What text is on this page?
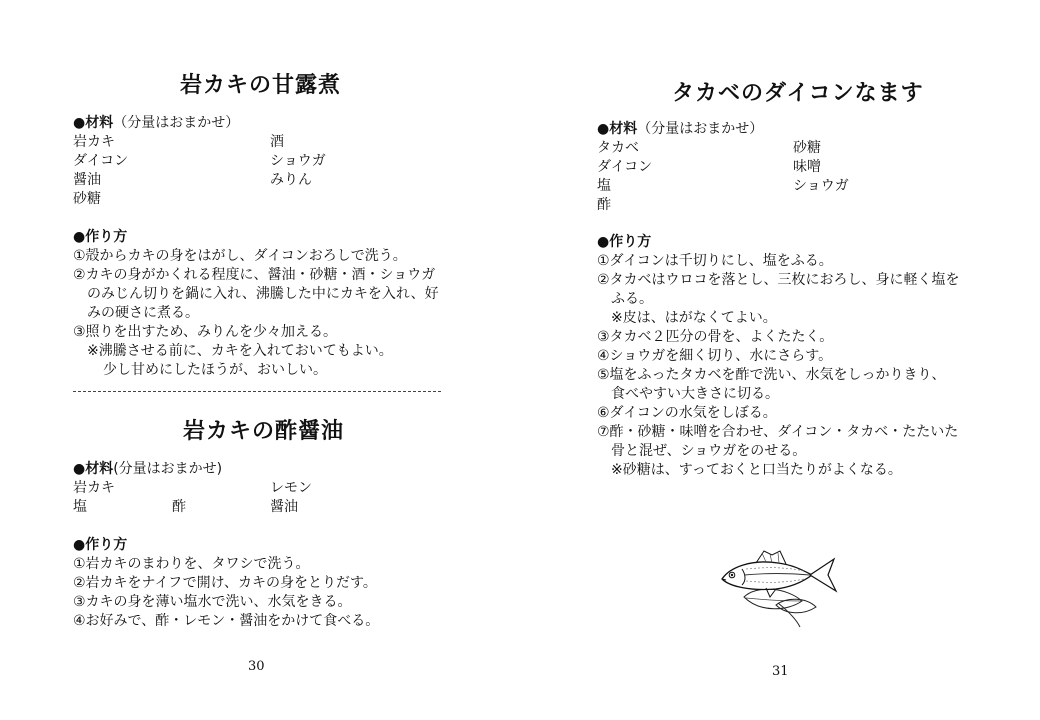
岩カキの甘露煮
●材料（分量はおまかせ）
岩カキ	酒
ダイコン	ショウガ
醤油	みりん
砂糖
●作り方
①殻からカキの身をはがし、ダイコンおろしで洗う。
②カキの身がかくれる程度に、醤油・砂糖・酒・ショウガ
のみじん切りを鍋に入れ、沸騰した中にカキを入れ、好
みの硬さに煮る。
③照りを出すため、みりんを少々加える。
※沸騰させる前に、カキを入れておいてもよい。
少し甘めにしたほうが、おいしい。
岩カキの酢醤油
●材料(分量はおまかせ)
岩カキ	レモン
塩	酢	醤油
●作り方
①岩カキのまわりを、タワシで洗う。
②岩カキをナイフで開け、カキの身をとりだす。
③カキの身を薄い塩水で洗い、水気をきる。
④お好みで、酢・レモン・醤油をかけて食べる。
30
タカベのダイコンなます
●材料（分量はおまかせ）
タカベ	砂糖
ダイコン	味噌
塩	ショウガ
酢
●作り方
①ダイコンは千切りにし、塩をふる。
②タカベはウロコを落とし、三枚におろし、身に軽く塩を
ふる。
※皮は、はがなくてよい。
③タカベ２匹分の骨を、よくたたく。
④ショウガを細く切り、水にさらす。
⑤塩をふったタカベを酢で洗い、水気をしっかりきり、
食べやすい大きさに切る。
⑥ダイコンの水気をしぼる。
⑦酢・砂糖・味噌を合わせ、ダイコン・タカベ・たたいた
骨と混ぜ、ショウガをのせる。
※砂糖は、すっておくと口当たりがよくなる。
31
